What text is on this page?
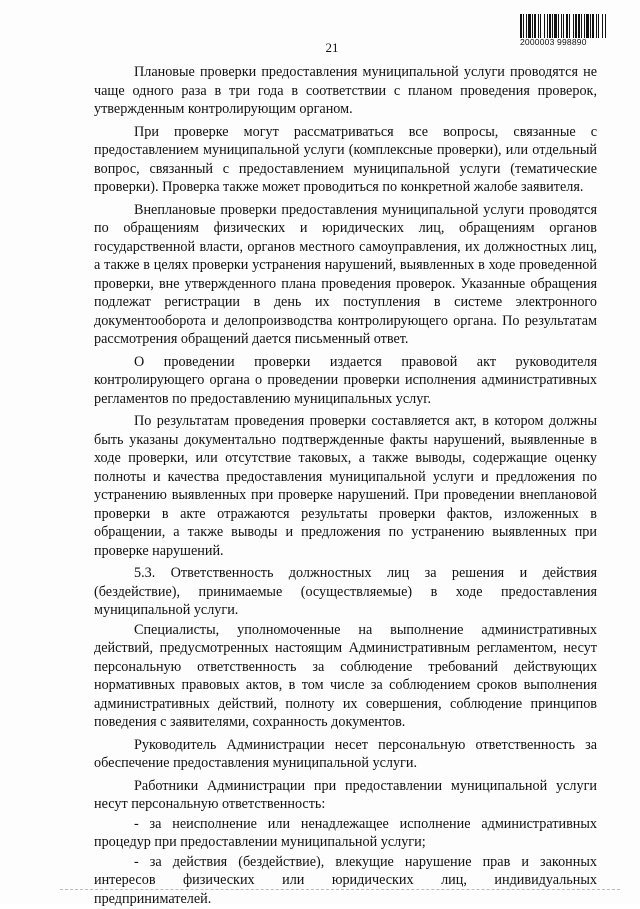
21	2000003 998890

Плановые проверки предоставления муниципальной услуги проводятся не чаще одного раза в три года в соответствии с планом проведения проверок, утвержденным контролирующим органом.

При проверке могут рассматриваться все вопросы, связанные с предоставлением муниципальной услуги (комплексные проверки), или отдельный вопрос, связанный с предоставлением муниципальной услуги (тематические проверки). Проверка также может проводиться по конкретной жалобе заявителя.

Внеплановые проверки предоставления муниципальной услуги проводятся по обращениям физических и юридических лиц, обращениям органов государственной власти, органов местного самоуправления, их должностных лиц, а также в целях проверки устранения нарушений, выявленных в ходе проведенной проверки, вне утвержденного плана проведения проверок. Указанные обращения подлежат регистрации в день их поступления в системе электронного документооборота и делопроизводства контролирующего органа. По результатам рассмотрения обращений дается письменный ответ.

О проведении проверки издается правовой акт руководителя контролирующего органа о проведении проверки исполнения административных регламентов по предоставлению муниципальных услуг.

По результатам проведения проверки составляется акт, в котором должны быть указаны документально подтвержденные факты нарушений, выявленные в ходе проверки, или отсутствие таковых, а также выводы, содержащие оценку полноты и качества предоставления муниципальной услуги и предложения по устранению выявленных при проверке нарушений. При проведении внеплановой проверки в акте отражаются результаты проверки фактов, изложенных в обращении, а также выводы и предложения по устранению выявленных при проверке нарушений.

5.3. Ответственность должностных лиц за решения и действия (бездействие), принимаемые (осуществляемые) в ходе предоставления муниципальной услуги.

Специалисты, уполномоченные на выполнение административных действий, предусмотренных настоящим Административным регламентом, несут персональную ответственность за соблюдение требований действующих нормативных правовых актов, в том числе за соблюдением сроков выполнения административных действий, полноту их совершения, соблюдение принципов поведения с заявителями, сохранность документов.

Руководитель Администрации несет персональную ответственность за обеспечение предоставления муниципальной услуги.

Работники Администрации при предоставлении муниципальной услуги несут персональную ответственность:

- за неисполнение или ненадлежащее исполнение административных процедур при предоставлении муниципальной услуги;

- за действия (бездействие), влекущие нарушение прав и законных интересов физических или юридических лиц, индивидуальных предпринимателей.
